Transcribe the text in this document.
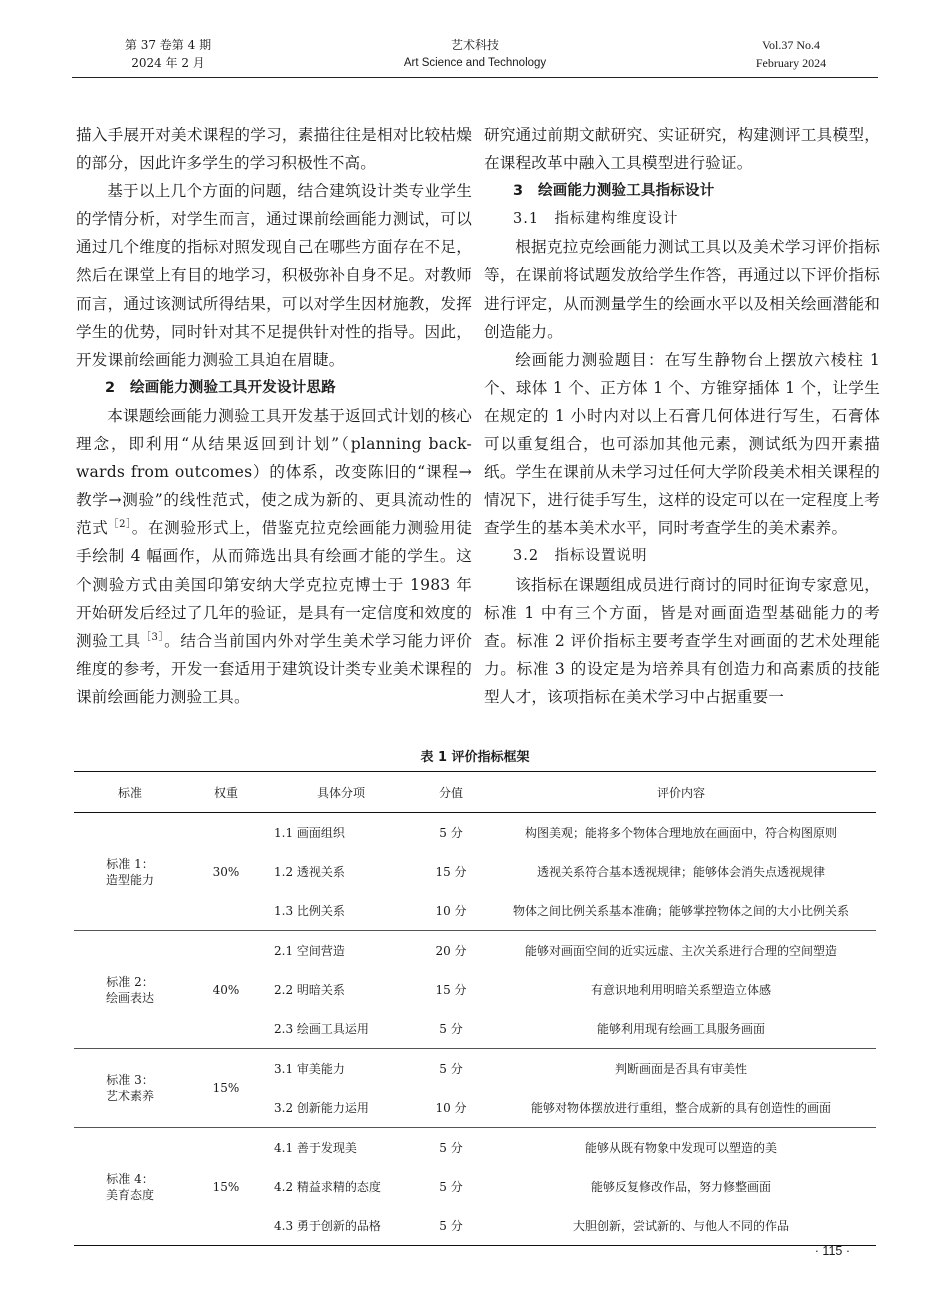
第 37 卷第 4 期
2024 年 2 月
艺术科技
Art Science and Technology
Vol.37 No.4
February 2024

描入手展开对美术课程的学习，素描往往是相对比较枯燥的部分，因此许多学生的学习积极性不高。

基于以上几个方面的问题，结合建筑设计类专业学生的学情分析，对学生而言，通过课前绘画能力测试，可以通过几个维度的指标对照发现自己在哪些方面存在不足，然后在课堂上有目的地学习，积极弥补自身不足。对教师而言，通过该测试所得结果，可以对学生因材施教，发挥学生的优势，同时针对其不足提供针对性的指导。因此，开发课前绘画能力测验工具迫在眉睫。

2　绘画能力测验工具开发设计思路

本课题绘画能力测验工具开发基于返回式计划的核心理念，即利用“从结果返回到计划”（planning back-wards from outcomes）的体系，改变陈旧的“课程→教学→测验”的线性范式，使之成为新的、更具流动性的范式$^{[2]}$。在测验形式上，借鉴克拉克绘画能力测验用徒手绘制 4 幅画作，从而筛选出具有绘画才能的学生。这个测验方式由美国印第安纳大学克拉克博士于 1983 年开始研发后经过了几年的验证，是具有一定信度和效度的测验工具$^{[3]}$。结合当前国内外对学生美术学习能力评价维度的参考，开发一套适用于建筑设计类专业美术课程的课前绘画能力测验工具。

研究通过前期文献研究、实证研究，构建测评工具模型，在课程改革中融入工具模型进行验证。

3　绘画能力测验工具指标设计
3.1　指标建构维度设计

根据克拉克绘画能力测试工具以及美术学习评价指标等，在课前将试题发放给学生作答，再通过以下评价指标进行评定，从而测量学生的绘画水平以及相关绘画潜能和创造能力。

绘画能力测验题目：在写生静物台上摆放六棱柱 1 个、球体 1 个、正方体 1 个、方锥穿插体 1 个，让学生在规定的 1 小时内对以上石膏几何体进行写生，石膏体可以重复组合，也可添加其他元素，测试纸为四开素描纸。学生在课前从未学习过任何大学阶段美术相关课程的情况下，进行徒手写生，这样的设定可以在一定程度上考查学生的基本美术水平，同时考查学生的美术素养。

3.2　指标设置说明

该指标在课题组成员进行商讨的同时征询专家意见，标准 1 中有三个方面，皆是对画面造型基础能力的考查。标准 2 评价指标主要考查学生对画面的艺术处理能力。标准 3 的设定是为培养具有创造力和高素质的技能型人才，该项指标在美术学习中占据重要一

表 1 评价指标框架
标准	权重	具体分项	分值	评价内容

标准 1：
造型能力	30%	1.1 画面组织	5 分	构图美观；能将多个物体合理地放在画面中，符合构图原则
		1.2 透视关系	15 分	透视关系符合基本透视规律；能够体会消失点透视规律
		1.3 比例关系	10 分	物体之间比例关系基本准确；能够掌控物体之间的大小比例关系

标准 2：
绘画表达	40%	2.1 空间营造	20 分	能够对画面空间的近实远虚、主次关系进行合理的空间塑造
		2.2 明暗关系	15 分	有意识地利用明暗关系塑造立体感
		2.3 绘画工具运用	5 分	能够利用现有绘画工具服务画面

标准 3：
艺术素养	15%	3.1 审美能力	5 分	判断画面是否具有审美性
		3.2 创新能力运用	10 分	能够对物体摆放进行重组，整合成新的具有创造性的画面

标准 4：
美育态度	15%	4.1 善于发现美	5 分	能够从既有物象中发现可以塑造的美
		4.2 精益求精的态度	5 分	能够反复修改作品，努力修整画面
		4.3 勇于创新的品格	5 分	大胆创新，尝试新的、与他人不同的作品
· 115 ·
